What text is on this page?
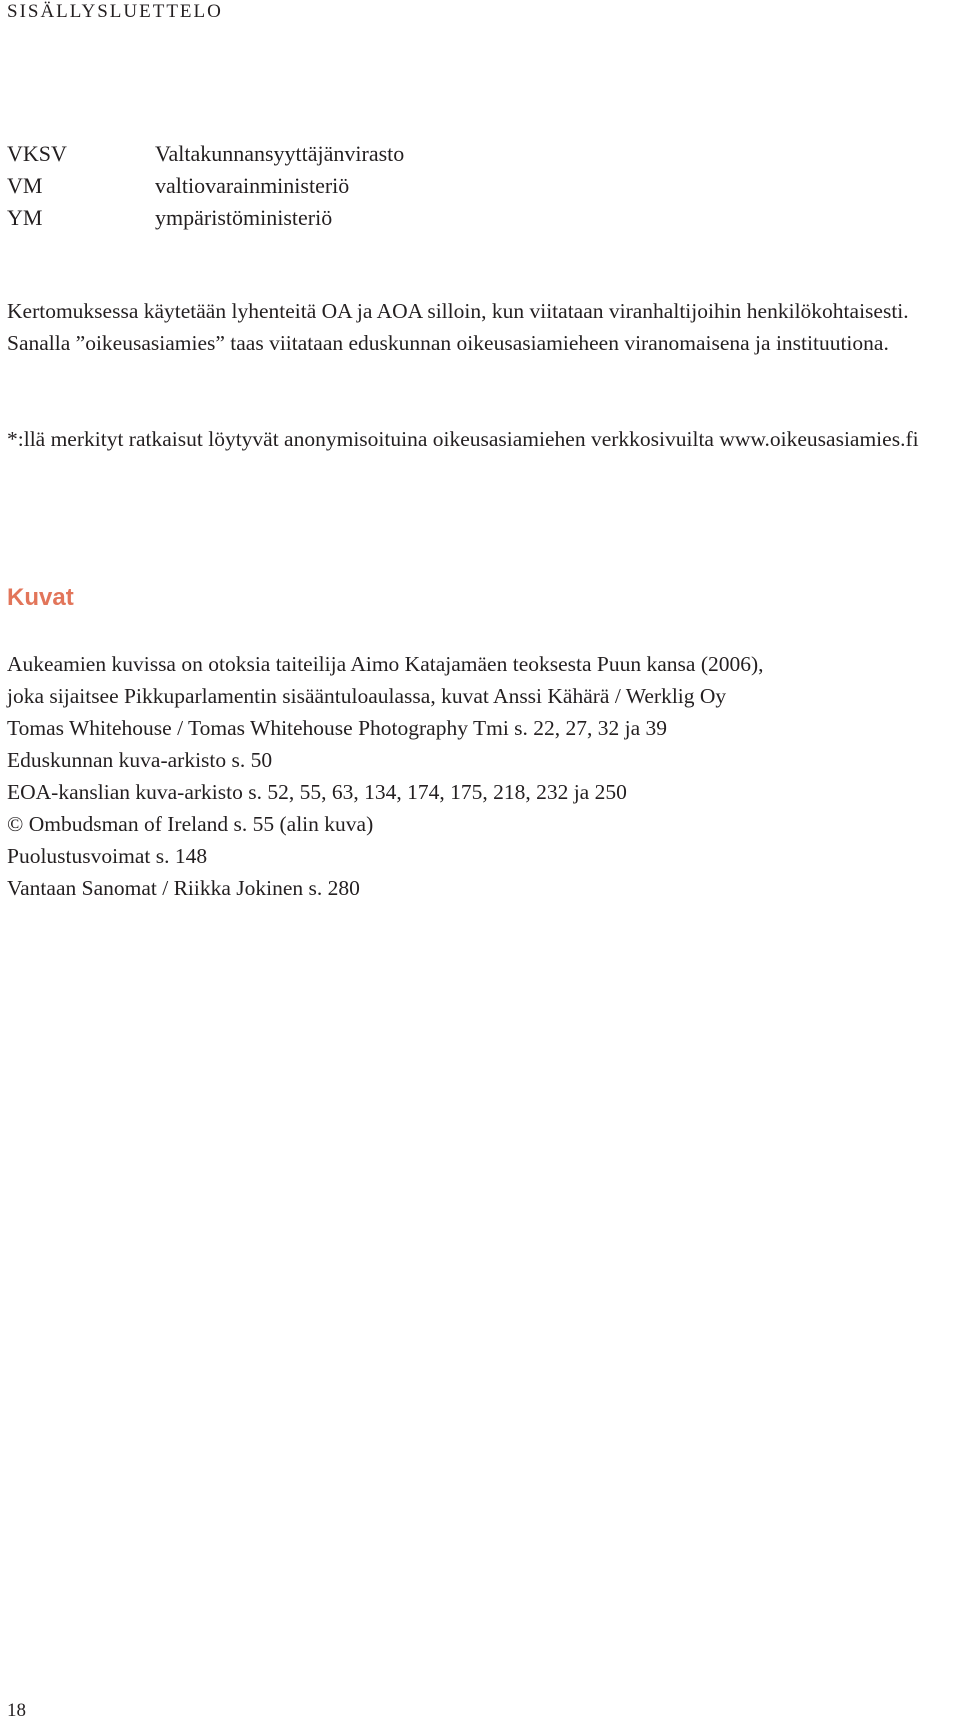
SISÄLLYSLUETTELO
VKSV	Valtakunnansyyttäjänvirasto
VM	valtiovarainministeriö
YM	ympäristöministeriö

Kertomuksessa käytetään lyhenteitä OA ja AOA silloin, kun viitataan viranhaltijoihin henkilökohtaisesti. Sanalla ”oikeusasiamies” taas viitataan eduskunnan oikeusasiamieheen viranomaisena ja instituutiona.

*:llä merkityt ratkaisut löytyvät anonymisoituina oikeusasiamiehen verkkosivuilta www.oikeusasiamies.fi

Kuvat
Aukeamien kuvissa on otoksia taiteilija Aimo Katajamäen teoksesta Puun kansa (2006),
joka sijaitsee Pikkuparlamentin sisääntuloaulassa, kuvat Anssi Kähärä / Werklig Oy
Tomas Whitehouse / Tomas Whitehouse Photography Tmi s. 22, 27, 32 ja 39
Eduskunnan kuva-arkisto s. 50
EOA-kanslian kuva-arkisto s. 52, 55, 63, 134, 174, 175, 218, 232 ja 250
© Ombudsman of Ireland s. 55 (alin kuva)
Puolustusvoimat s. 148
Vantaan Sanomat / Riikka Jokinen s. 280
18
